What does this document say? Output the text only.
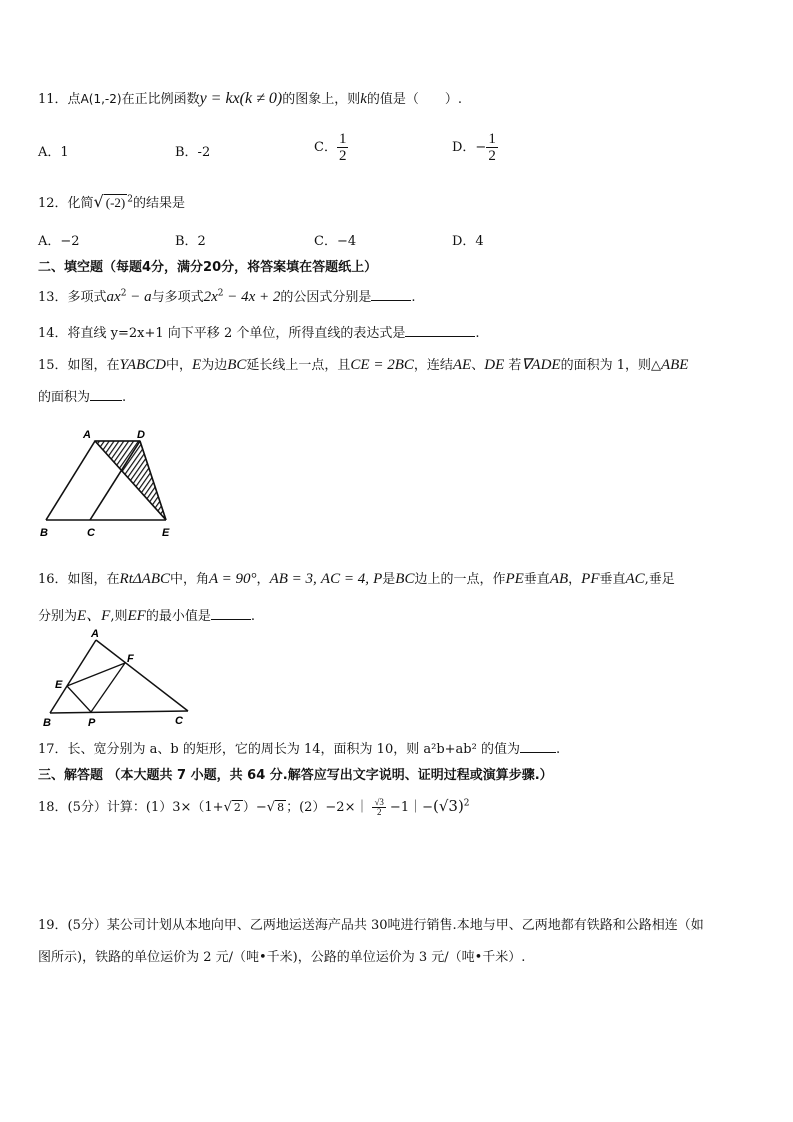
11．点A(1,-2)在正比例函数y = kx(k ≠ 0)的图象上，则k的值是（　　）.
A．1	B．-2	C． $\frac{1}{2}$	D．− $\frac{1}{2}$
12．化简√ (-2) $^2$的结果是
A．−2	B．2	C．−4	D．4
二、填空题（每题4分，满分20分，将答案填在答题纸上）
13．多项式$ax^2 - a$与多项式$2x^2 - 4x + 2$的公因式分别是	.
14．将直线 y=2x+1 向下平移 2 个单位，所得直线的表达式是	.
15．如图，在YABCD中，E为边BC延长线上一点，且CE = 2BC，连结AE、DE 若∇ADE的面积为 1，则△ABE
的面积为 .
A	D
B	C	E
16．如图，在RtΔABC中，角A = 90°，AB = 3, AC = 4, P是BC边上的一点，作PE垂直AB，PF垂直AC,垂足
分别为E、F,则EF的最小值是	.
A
F
E
B	P	C
17．长、宽分别为 a、b 的矩形，它的周长为 14，面积为 10，则 a²b+ab² 的值为	.
三、解答题 （本大题共 7 小题，共 64 分.解答应写出文字说明、证明过程或演算步骤.）
18．(5分）计算：(1）3×（1+√ 2 ）−√ 8 ；(2）−2×｜ $\frac{√3}{2}$ $-1|-(√3)^2$
19．(5分）某公司计划从本地向甲、乙两地运送海产品共 30吨进行销售.本地与甲、乙两地都有铁路和公路相连（如
图所示)，铁路的单位运价为 2 元/（吨•千米)，公路的单位运价为 3 元/（吨•千米）.
